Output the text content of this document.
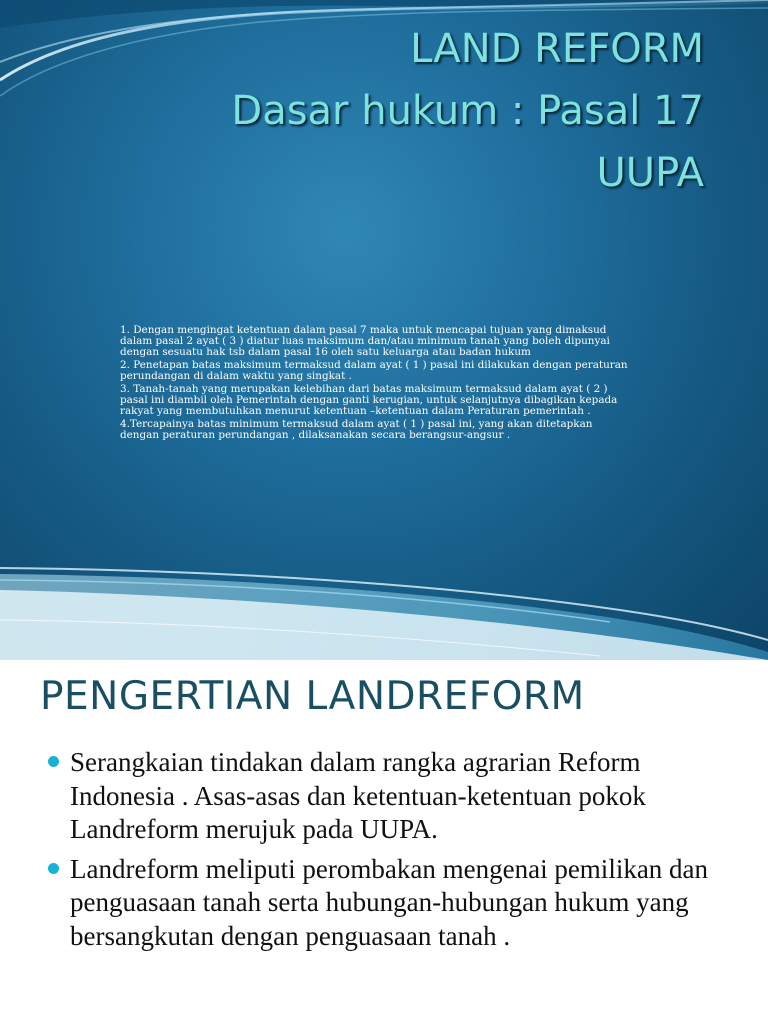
LAND REFORM
Dasar hukum : Pasal 17
UUPA

1. Dengan mengingat ketentuan dalam pasal 7 maka untuk mencapai tujuan yang dimaksud
dalam pasal 2 ayat ( 3 ) diatur luas maksimum dan/atau minimum tanah yang boleh dipunyai
dengan sesuatu hak tsb dalam pasal 16 oleh satu keluarga atau badan hukum

2. Penetapan batas maksimum termaksud dalam ayat ( 1 ) pasal ini dilakukan dengan peraturan
perundangan di dalam waktu yang singkat .

3. Tanah-tanah yang merupakan kelebihan dari batas maksimum termaksud dalam ayat ( 2 )
pasal ini diambil oleh Pemerintah dengan ganti kerugian, untuk selanjutnya dibagikan kepada
rakyat yang membutuhkan menurut ketentuan –ketentuan dalam Peraturan pemerintah .

4.Tercapainya batas minimum termaksud dalam ayat ( 1 ) pasal ini, yang akan ditetapkan
dengan peraturan perundangan , dilaksanakan secara berangsur-angsur .

PENGERTIAN LANDREFORM
Serangkaian tindakan dalam rangka agrarian Reform Indonesia . Asas-asas dan ketentuan-ketentuan pokok Landreform merujuk pada UUPA.
Landreform meliputi perombakan mengenai pemilikan dan penguasaan tanah serta hubungan-hubungan hukum yang bersangkutan dengan penguasaan tanah .
